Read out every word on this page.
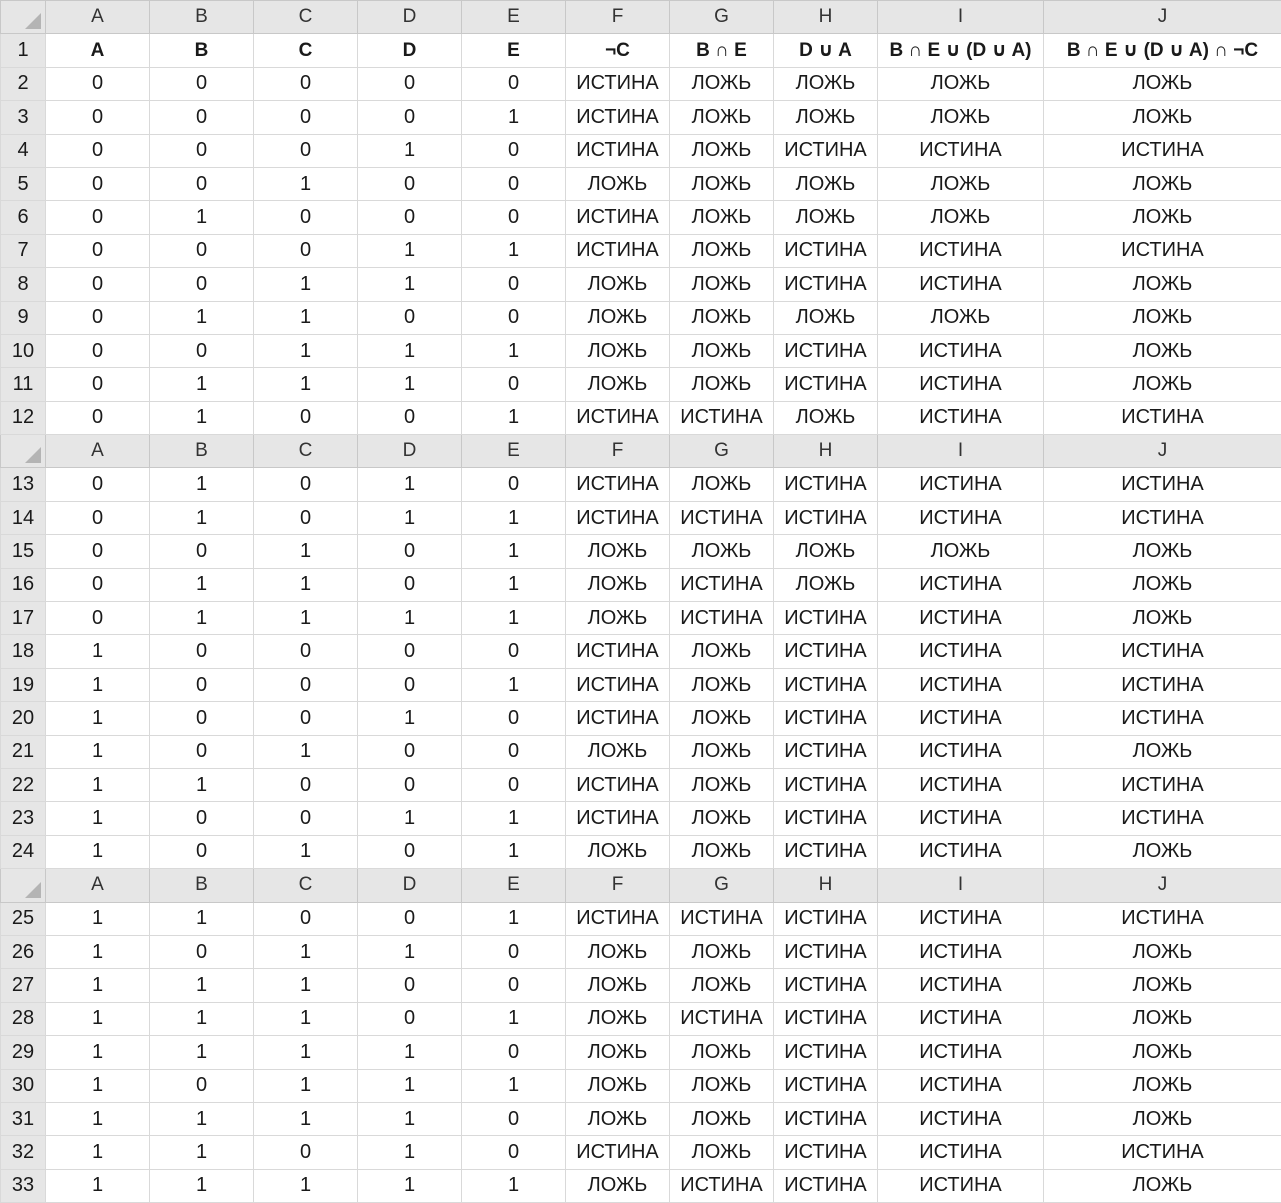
	A	B	C	D	E	F	G	H	I	J
1	A	B	C	D	E	¬C	B ∩ E	D ∪ A	B ∩ E ∪ (D ∪ A)	B ∩ E ∪ (D ∪ A) ∩ ¬C
2	0	0	0	0	0	ИСТИНА	ЛОЖЬ	ЛОЖЬ	ЛОЖЬ	ЛОЖЬ
3	0	0	0	0	1	ИСТИНА	ЛОЖЬ	ЛОЖЬ	ЛОЖЬ	ЛОЖЬ
4	0	0	0	1	0	ИСТИНА	ЛОЖЬ	ИСТИНА	ИСТИНА	ИСТИНА
5	0	0	1	0	0	ЛОЖЬ	ЛОЖЬ	ЛОЖЬ	ЛОЖЬ	ЛОЖЬ
6	0	1	0	0	0	ИСТИНА	ЛОЖЬ	ЛОЖЬ	ЛОЖЬ	ЛОЖЬ
7	0	0	0	1	1	ИСТИНА	ЛОЖЬ	ИСТИНА	ИСТИНА	ИСТИНА
8	0	0	1	1	0	ЛОЖЬ	ЛОЖЬ	ИСТИНА	ИСТИНА	ЛОЖЬ
9	0	1	1	0	0	ЛОЖЬ	ЛОЖЬ	ЛОЖЬ	ЛОЖЬ	ЛОЖЬ
10	0	0	1	1	1	ЛОЖЬ	ЛОЖЬ	ИСТИНА	ИСТИНА	ЛОЖЬ
11	0	1	1	1	0	ЛОЖЬ	ЛОЖЬ	ИСТИНА	ИСТИНА	ЛОЖЬ
12	0	1	0	0	1	ИСТИНА	ИСТИНА	ЛОЖЬ	ИСТИНА	ИСТИНА

	A	B	C	D	E	F	G	H	I	J
13	0	1	0	1	0	ИСТИНА	ЛОЖЬ	ИСТИНА	ИСТИНА	ИСТИНА
14	0	1	0	1	1	ИСТИНА	ИСТИНА	ИСТИНА	ИСТИНА	ИСТИНА
15	0	0	1	0	1	ЛОЖЬ	ЛОЖЬ	ЛОЖЬ	ЛОЖЬ	ЛОЖЬ
16	0	1	1	0	1	ЛОЖЬ	ИСТИНА	ЛОЖЬ	ИСТИНА	ЛОЖЬ
17	0	1	1	1	1	ЛОЖЬ	ИСТИНА	ИСТИНА	ИСТИНА	ЛОЖЬ
18	1	0	0	0	0	ИСТИНА	ЛОЖЬ	ИСТИНА	ИСТИНА	ИСТИНА
19	1	0	0	0	1	ИСТИНА	ЛОЖЬ	ИСТИНА	ИСТИНА	ИСТИНА
20	1	0	0	1	0	ИСТИНА	ЛОЖЬ	ИСТИНА	ИСТИНА	ИСТИНА
21	1	0	1	0	0	ЛОЖЬ	ЛОЖЬ	ИСТИНА	ИСТИНА	ЛОЖЬ
22	1	1	0	0	0	ИСТИНА	ЛОЖЬ	ИСТИНА	ИСТИНА	ИСТИНА
23	1	0	0	1	1	ИСТИНА	ЛОЖЬ	ИСТИНА	ИСТИНА	ИСТИНА
24	1	0	1	0	1	ЛОЖЬ	ЛОЖЬ	ИСТИНА	ИСТИНА	ЛОЖЬ

	A	B	C	D	E	F	G	H	I	J
25	1	1	0	0	1	ИСТИНА	ИСТИНА	ИСТИНА	ИСТИНА	ИСТИНА
26	1	0	1	1	0	ЛОЖЬ	ЛОЖЬ	ИСТИНА	ИСТИНА	ЛОЖЬ
27	1	1	1	0	0	ЛОЖЬ	ЛОЖЬ	ИСТИНА	ИСТИНА	ЛОЖЬ
28	1	1	1	0	1	ЛОЖЬ	ИСТИНА	ИСТИНА	ИСТИНА	ЛОЖЬ
29	1	1	1	1	0	ЛОЖЬ	ЛОЖЬ	ИСТИНА	ИСТИНА	ЛОЖЬ
30	1	0	1	1	1	ЛОЖЬ	ЛОЖЬ	ИСТИНА	ИСТИНА	ЛОЖЬ
31	1	1	1	1	0	ЛОЖЬ	ЛОЖЬ	ИСТИНА	ИСТИНА	ЛОЖЬ
32	1	1	0	1	0	ИСТИНА	ЛОЖЬ	ИСТИНА	ИСТИНА	ИСТИНА
33	1	1	1	1	1	ЛОЖЬ	ИСТИНА	ИСТИНА	ИСТИНА	ЛОЖЬ
